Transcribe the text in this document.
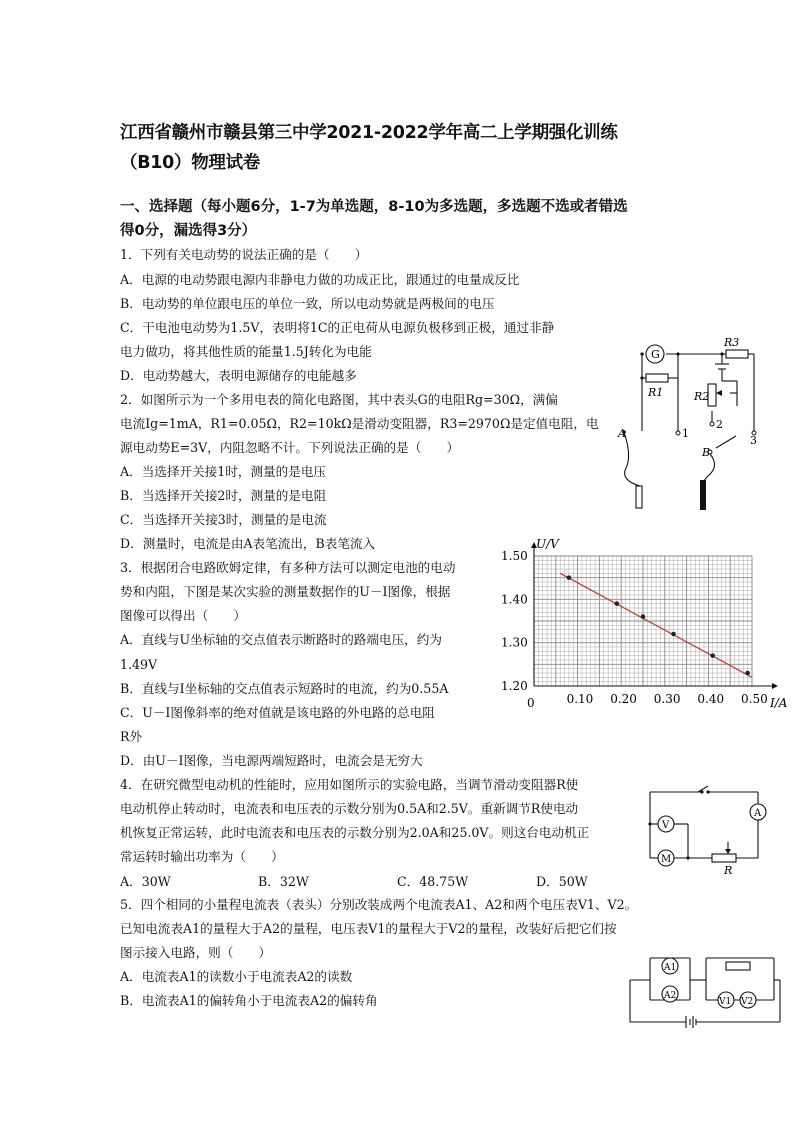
江西省赣州市赣县第三中学2021-2022学年高二上学期强化训练
（B10）物理试卷
一、选择题（每小题6分，1-7为单选题，8-10为多选题，多选题不选或者错选
得0分，漏选得3分）
1．下列有关电动势的说法正确的是（　　）
A．电源的电动势跟电源内非静电力做的功成正比，跟通过的电量成反比
B．电动势的单位跟电压的单位一致，所以电动势就是两极间的电压
C．干电池电动势为1.5V，表明将1C的正电荷从电源负极移到正极，通过非静
电力做功，将其他性质的能量1.5J转化为电能
D．电动势越大，表明电源储存的电能越多
2．如图所示为一个多用电表的简化电路图，其中表头G的电阻Rg=30Ω，满偏
电流Ig=1mA，R1=0.05Ω，R2=10kΩ是滑动变阻器，R3=2970Ω是定值电阻，电
源电动势E=3V，内阻忽略不计。下列说法正确的是（　　）
A．当选择开关接1时，测量的是电压
B．当选择开关接2时，测量的是电阻
C．当选择开关接3时，测量的是电流
D．测量时，电流是由A表笔流出，B表笔流入
G
R1
R3
R2
A
B
1
2
3
3．根据闭合电路欧姆定律，有多种方法可以测定电池的电动
势和内阻，下图是某次实验的测量数据作的U－I图像，根据
图像可以得出（　　）
A．直线与U坐标轴的交点值表示断路时的路端电压，约为
1.49V
B．直线与I坐标轴的交点值表示短路时的电流，约为0.55A
C．U－I图像斜率的绝对值就是该电路的外电路的总电阻
R外
D．由U－I图像，当电源两端短路时，电流会是无穷大
0.10 0.20 0.30 0.40 0.50
1.20
1.30
1.40
1.50
U/V
I/A
0
4．在研究微型电动机的性能时，应用如图所示的实验电路，当调节滑动变阻器R使
电动机停止转动时，电流表和电压表的示数分别为0.5A和2.5V。重新调节R使电动
机恢复正常运转，此时电流表和电压表的示数分别为2.0A和25.0V。则这台电动机正
常运转时输出功率为（　　）
A．30W	B．32W	C．48.75W	D．50W
A
V
M
R
5．四个相同的小量程电流表（表头）分别改装成两个电流表A1、A2和两个电压表V1、V2。
已知电流表A1的量程大于A2的量程，电压表V1的量程大于V2的量程，改装好后把它们按
图示接入电路，则（　　）
A．电流表A1的读数小于电流表A2的读数
B．电流表A1的偏转角小于电流表A2的偏转角
A1
A2
V1 V2
